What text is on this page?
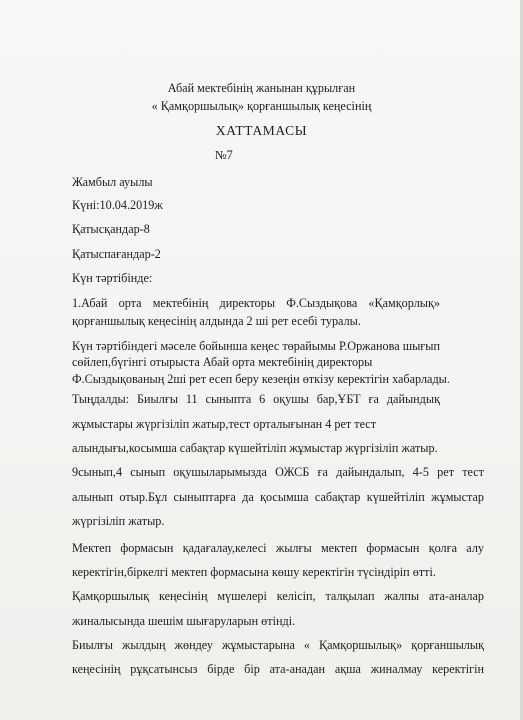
Абай мектебінің жанынан құрылған
« Қамқоршылық» қорғаншылық кеңесінің
ХАТТАМАСЫ
№7
Жамбыл ауылы
Күні:10.04.2019ж
Қатысқандар-8
Қатыспағандар-2
Күн тәртібінде:
1.Абай орта мектебінің директоры Ф.Сыздықова «Қамқорлық»
қорғаншылық кеңесінің алдында 2 ші рет есебі туралы.
Күн тәртібіндегі мәселе бойынша кеңес төрайымы Р.Оржанова шығып
сөйлеп,бүгінгі отырыста Абай орта мектебінің директоры
Ф.Сыздықованың 2ші рет есеп беру кезеңін өткізу керектігін хабарлады.
Тыңдалды: Биылғы 11 сыныпта 6 оқушы бар,ҰБТ ға дайындық
жұмыстары жүргізіліп жатыр,тест орталығынан 4 рет тест
алындығы,косымша сабақтар күшейтіліп жұмыстар жүргізіліп жатыр.
9сынып,4 сынып оқушыларымызда ОЖСБ ға дайындалып, 4-5 рет тест
алынып отыр.Бұл сыныптарға да қосымша сабақтар күшейтіліп жұмыстар
жүргізіліп жатыр.
Мектеп формасын қадағалау,келесі жылғы мектеп формасын қолға алу
керектігін,біркелгі мектеп формасына көшу керектігін түсіндіріп өтті.
Қамқоршылық кеңесінің мүшелері келісіп, талқылап жалпы ата-аналар
жиналысында шешім шығаруларын өтінді.
Биылғы жылдың жөндеу жұмыстарына « Қамқоршылық» қорғаншылық
кеңесінің рұқсатынсыз бірде бір ата-анадан ақша жиналмау керектігін
